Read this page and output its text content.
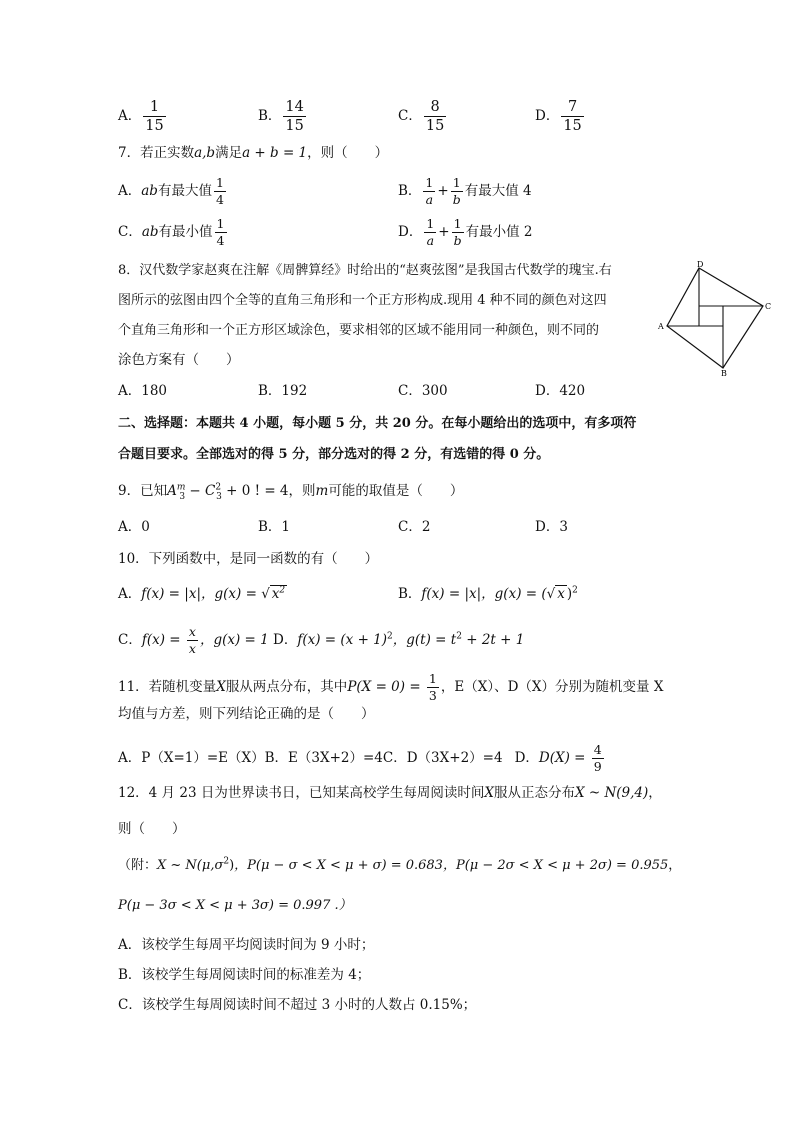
A． $\frac{1}{15}$	B． $\frac{14}{15}$	C． $\frac{8}{15}$	D． $\frac{7}{15}$
7．若正实数a,b满足a + b = 1，则（　　）
A．ab有最大值 $\frac{1}{4}$	B． $\frac{1}{a} + \frac{1}{b}$ 有最大值 4
C．ab有最小值 $\frac{1}{4}$	D． $\frac{1}{a} + \frac{1}{b}$ 有最小值 2
8．汉代数学家赵爽在注解《周髀算经》时给出的“赵爽弦图”是我国古代数学的瑰宝.右
图所示的弦图由四个全等的直角三角形和一个正方形构成.现用 4 种不同的颜色对这四
个直角三角形和一个正方形区域涂色，要求相邻的区域不能用同一种颜色，则不同的
涂色方案有（　　）
D
C
A
B
A．180	B．192	C．300	D．420
二、选择题：本题共 4 小题，每小题 5 分，共 20 分。在每小题给出的选项中，有多项符
合题目要求。全部选对的得 5 分，部分选对的得 2 分，有选错的得 0 分。
9．已知$A^m_3 - C^2_3 + 0$ ! = 4，则m可能的取值是（　　）
A．0	B．1	C．2	D．3
10．下列函数中，是同一函数的有（　　）
A．f(x) = |x|，g(x) = √ $x^2$	B．f(x) = |x|，g(x) = (√ x )$^2$
C．$f(x) = \frac{x}{x}$ ，g(x) = 1 D．$f(x) = (x + 1)^2$，$g(t) = t^2 + 2t + 1$
11．若随机变量X服从两点分布，其中$P(X = 0) = \frac{1}{3}$ ，E（X）、D（X）分别为随机变量 X
均值与方差，则下列结论正确的是（　　）
A．P（X=1）=E（X）B．E（3X+2）=4C．D（3X+2）=4 D．$D(X) = \frac{4}{9}$
12．4 月 23 日为世界读书日，已知某高校学生每周阅读时间X服从正态分布X ~ N(9,4)，
则（　　）
（附：X ~ $N(\mu,\sigma^2)$，P(μ − σ < X < μ + σ) = 0.683，P(μ − 2σ < X < μ + 2σ) = 0.955，
P(μ − 3σ < X < μ + 3σ) = 0.997 .）
A．该校学生每周平均阅读时间为 9 小时；
B．该校学生每周阅读时间的标准差为 4；
C．该校学生每周阅读时间不超过 3 小时的人数占 0.15%；
